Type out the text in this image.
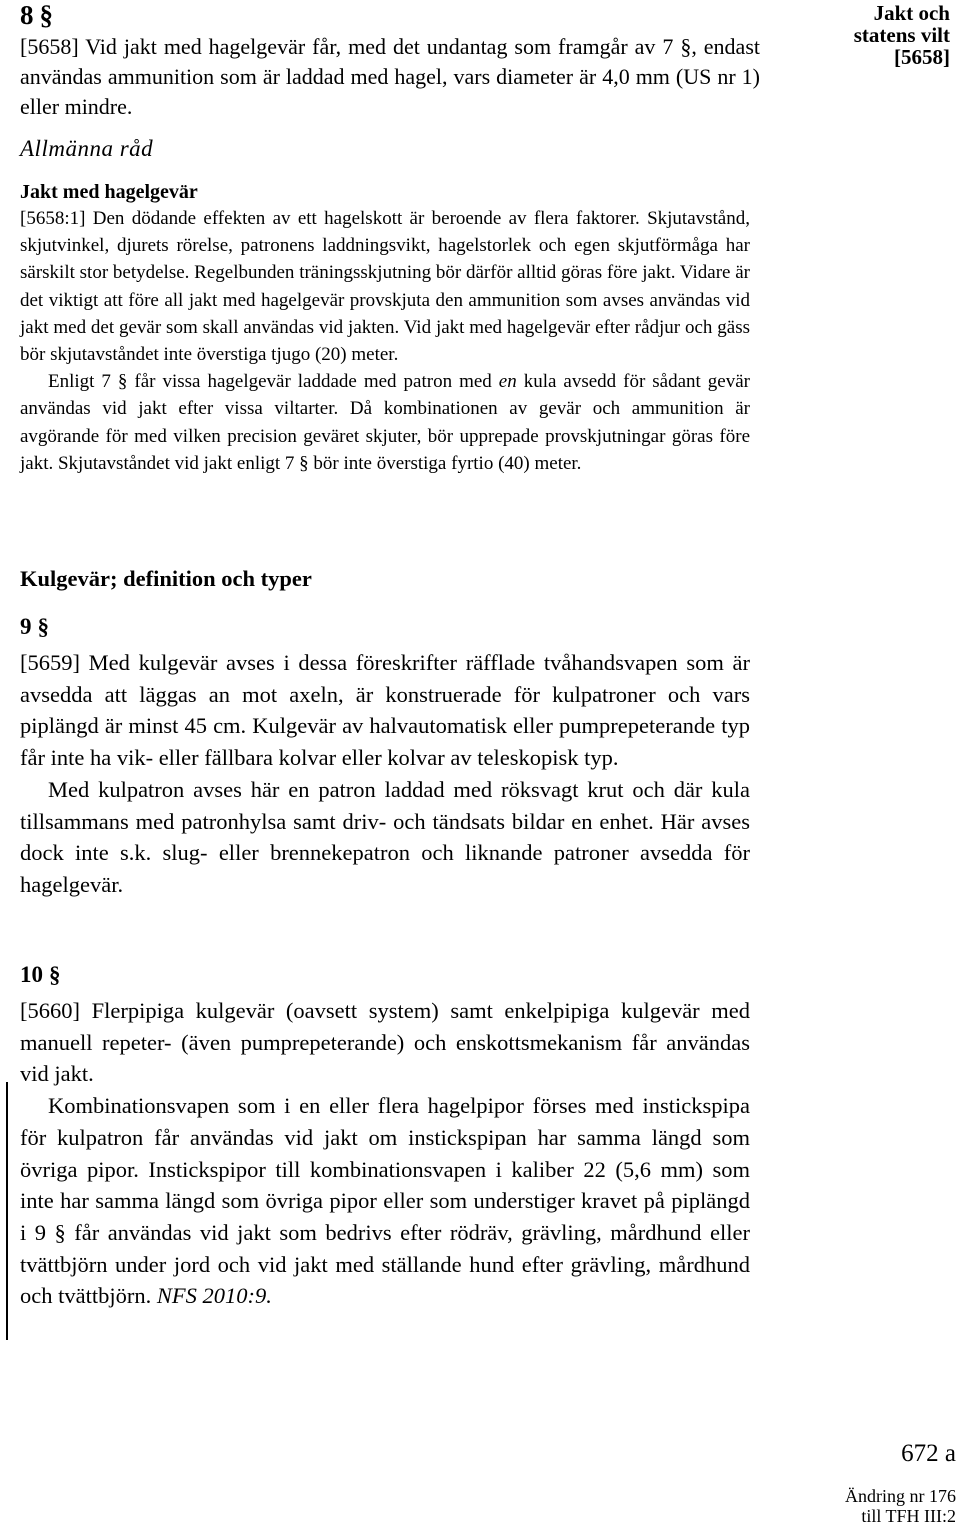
Jakt och
statens vilt
[5658]
8 §

[5658] Vid jakt med hagelgevär får, med det undantag som framgår av 7 §, endast användas ammunition som är laddad med hagel, vars diameter är 4,0 mm (US nr 1) eller mindre.

Allmänna råd
Jakt med hagelgevär

[5658:1] Den dödande effekten av ett hagelskott är beroende av flera faktorer. Skjutavstånd, skjutvinkel, djurets rörelse, patronens laddningsvikt, hagelstorlek och egen skjutförmåga har särskilt stor betydelse. Regelbunden träningsskjutning bör därför alltid göras före jakt. Vidare är det viktigt att före all jakt med hagelgevär provskjuta den ammunition som avses användas vid jakt med det gevär som skall användas vid jakten. Vid jakt med hagelgevär efter rådjur och gäss bör skjutavståndet inte överstiga tjugo (20) meter.

Enligt 7 § får vissa hagelgevär laddade med patron med en kula avsedd för sådant gevär användas vid jakt efter vissa viltarter. Då kombinationen av gevär och ammunition är avgörande för med vilken precision geväret skjuter, bör upprepade provskjutningar göras före jakt. Skjutavståndet vid jakt enligt 7 § bör inte överstiga fyrtio (40) meter.

Kulgevär; definition och typer
9 §

[5659] Med kulgevär avses i dessa föreskrifter räfflade tvåhandsvapen som är avsedda att läggas an mot axeln, är konstruerade för kulpatroner och vars piplängd är minst 45 cm. Kulgevär av halvautomatisk eller pumprepeterande typ får inte ha vik- eller fällbara kolvar eller kolvar av teleskopisk typ.

Med kulpatron avses här en patron laddad med röksvagt krut och där kula tillsammans med patronhylsa samt driv- och tändsats bildar en enhet. Här avses dock inte s.k. slug- eller brennekepatron och liknande patroner avsedda för hagelgevär.

10 §

[5660] Flerpipiga kulgevär (oavsett system) samt enkelpipiga kulgevär med manuell repeter- (även pumprepeterande) och enskottsmekanism får användas vid jakt.

Kombinationsvapen som i en eller flera hagelpipor förses med instickspipa för kulpatron får användas vid jakt om instickspipan har samma längd som övriga pipor. Instickspipor till kombinationsvapen i kaliber 22 (5,6 mm) som inte har samma längd som övriga pipor eller som understiger kravet på piplängd i 9 § får användas vid jakt som bedrivs efter rödräv, grävling, mårdhund eller tvättbjörn under jord och vid jakt med ställande hund efter grävling, mårdhund och tvättbjörn. NFS 2010:9.

672 a
Ändring nr 176
till TFH III:2
